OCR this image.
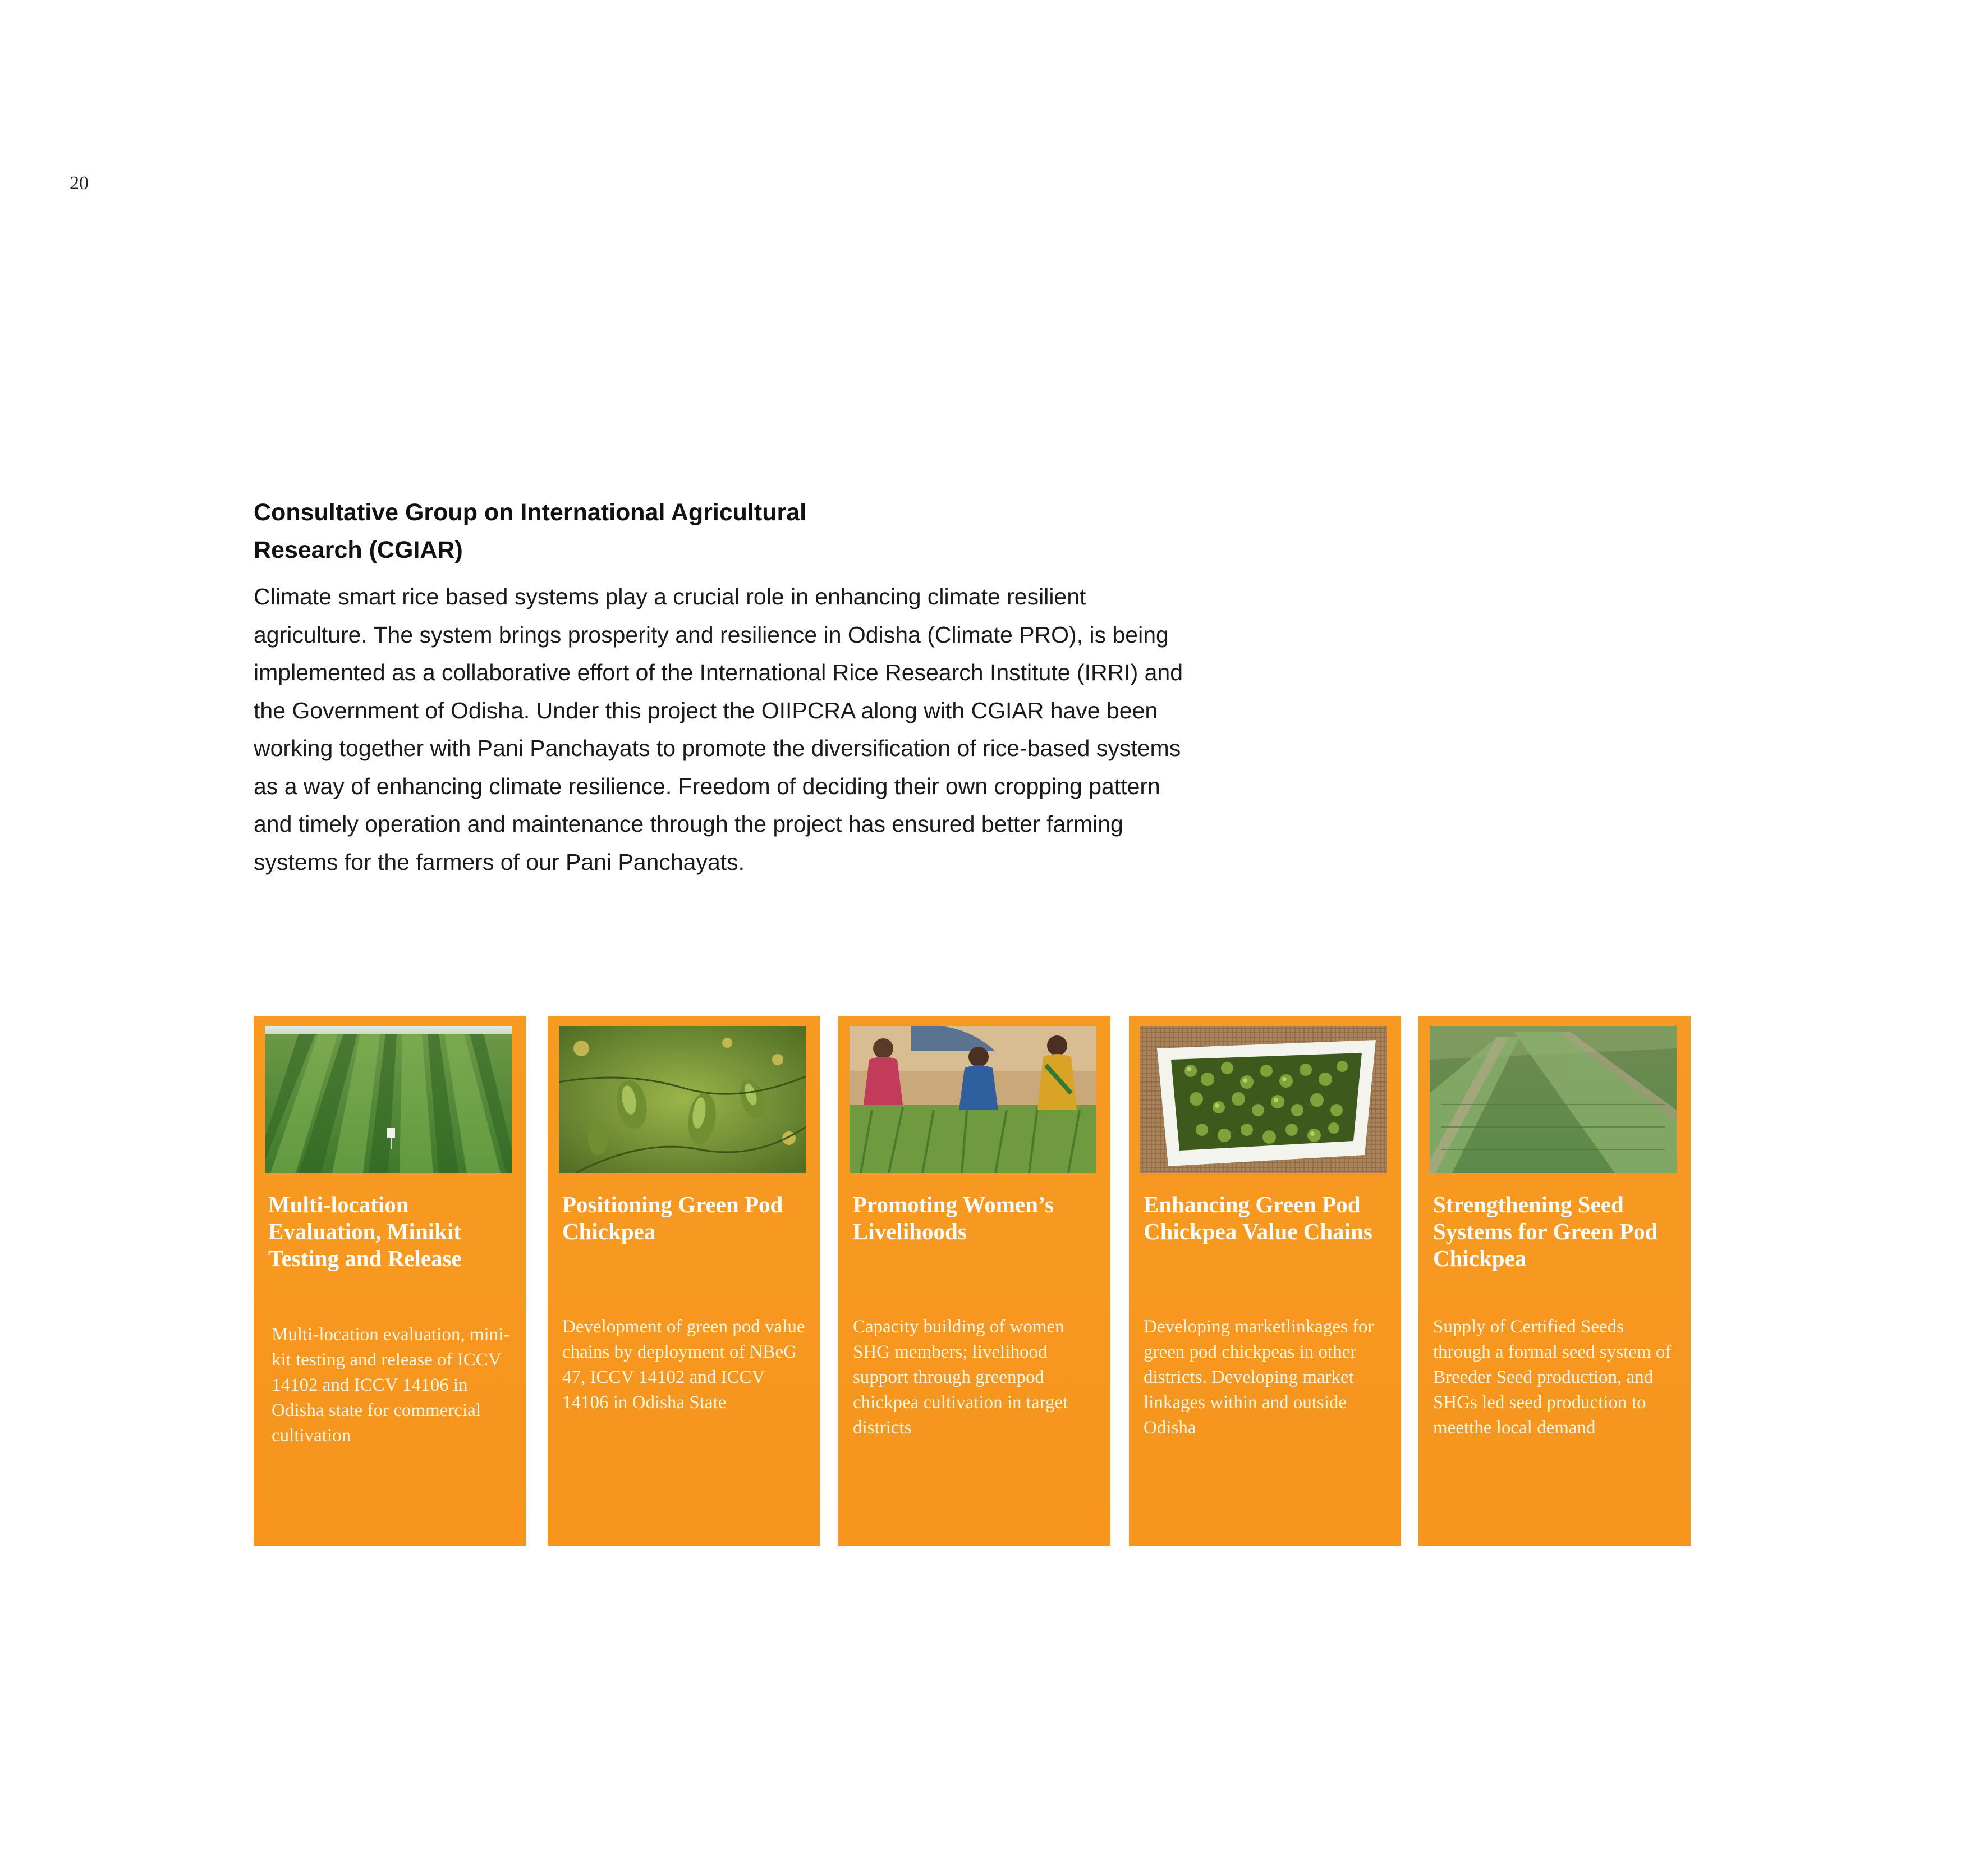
20
Consultative Group on International Agricultural Research (CGIAR)

Climate smart rice based systems play a crucial role in enhancing climate resilient agriculture. The system brings prosperity and resilience in Odisha (Climate PRO), is being implemented as a collaborative effort of the International Rice Research Institute (IRRI) and the Government of Odisha. Under this project the OIIPCRA along with CGIAR have been working together with Pani Panchayats to promote the diversification of rice-based systems as a way of enhancing climate resilience. Freedom of deciding their own cropping pattern and timely operation and maintenance through the project has ensured better farming systems for the farmers of our Pani Panchayats.

Multi-location Evaluation, Minikit Testing and Release

Multi-location evaluation, mini-kit testing and release of ICCV 14102 and ICCV 14106 in Odisha state for commercial cultivation

Positioning Green Pod Chickpea

Development of green pod value chains by deployment of NBeG 47, ICCV 14102 and ICCV 14106 in Odisha State

Promoting Women’s Livelihoods

Capacity building of women SHG members; livelihood support through greenpod chickpea cultivation in target districts

Enhancing Green Pod Chickpea Value Chains

Developing marketlinkages for green pod chickpeas in other districts. Developing market linkages within and outside Odisha

Strengthening Seed Systems for Green Pod Chickpea

Supply of Certified Seeds through a formal seed system of Breeder Seed production, and SHGs led seed production to meetthe local demand
